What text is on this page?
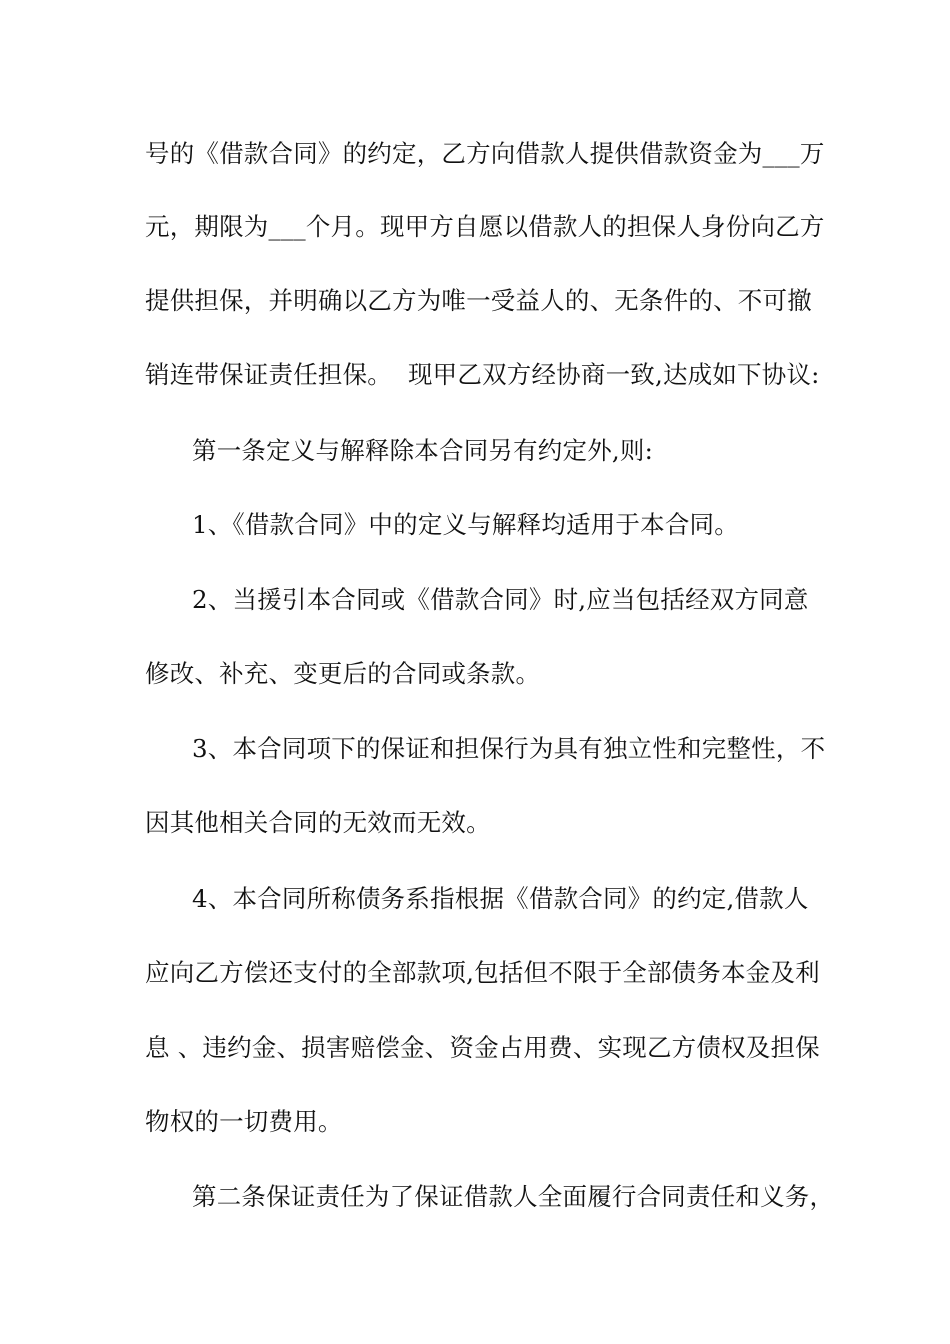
号的《借款合同》的约定，乙方向借款人提供借款资金为___万
元，期限为___个月。现甲方自愿以借款人的担保人身份向乙方
提供担保，并明确以乙方为唯一受益人的、无条件的、不可撤
销连带保证责任担保。  现甲乙双方经协商一致,达成如下协议:
第一条定义与解释除本合同另有约定外,则:
1、《借款合同》中的定义与解释均适用于本合同。
2、当援引本合同或《借款合同》时,应当包括经双方同意
修改、补充、变更后的合同或条款。
3、本合同项下的保证和担保行为具有独立性和完整性，不
因其他相关合同的无效而无效。
4、本合同所称债务系指根据《借款合同》的约定,借款人
应向乙方偿还支付的全部款项,包括但不限于全部债务本金及利
息 、违约金、损害赔偿金、资金占用费、实现乙方债权及担保
物权的一切费用。
第二条保证责任为了保证借款人全面履行合同责任和义务，
